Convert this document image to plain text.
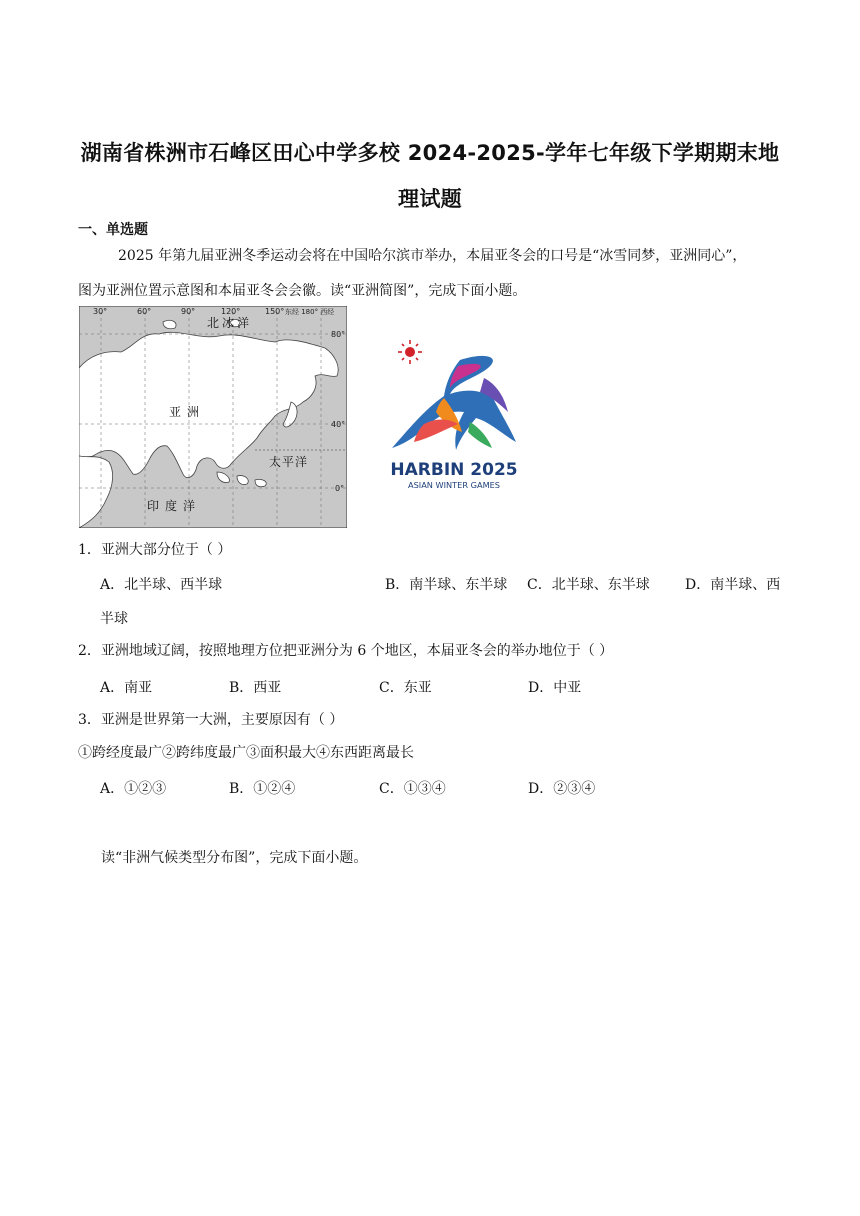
湖南省株洲市石峰区田心中学多校 2024-2025-学年七年级下学期期末地
理试题
一、单选题
2025 年第九届亚洲冬季运动会将在中国哈尔滨市举办，本届亚冬会的口号是“冰雪同梦，亚洲同心”，
图为亚洲位置示意图和本届亚冬会会徽。读“亚洲简图”，完成下面小题。
30°	60°	90°	120°	150° 东经 180° 西经
80°
40°
0°
北冰洋
亚洲
太平洋
印度洋
HARBIN 2025
ASIAN WINTER GAMES
1．亚洲大部分位于（ ）
A．北半球、西半球	B．南半球、东半球 C．北半球、东半球	D．南半球、西
半球
2．亚洲地域辽阔，按照地理方位把亚洲分为 6 个地区，本届亚冬会的举办地位于（ ）
A．南亚	B．西亚	C．东亚	D．中亚
3．亚洲是世界第一大洲，主要原因有（ ）
①跨经度最广②跨纬度最广③面积最大④东西距离最长
A．①②③	B．①②④	C．①③④	D．②③④
读“非洲气候类型分布图”，完成下面小题。
